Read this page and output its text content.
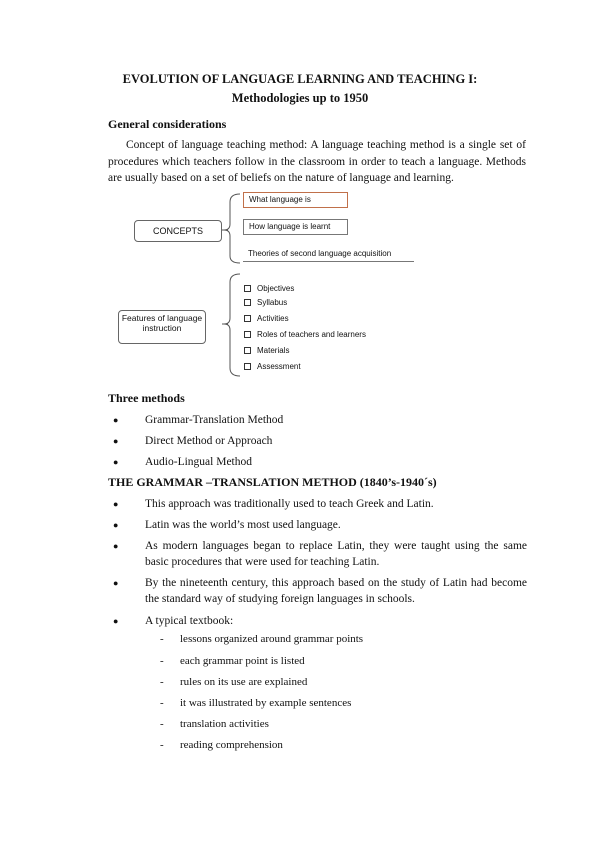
EVOLUTION OF LANGUAGE LEARNING AND TEACHING I:
Methodologies up to 1950
General considerations
Concept of language teaching method: A language teaching method is a single set of procedures which teachers follow in the classroom in order to teach a language. Methods are usually based on a set of beliefs on the nature of language and learning.
CONCEPTS
What language is
How language is learnt
Theories of second language acquisition
Features of language instruction
Objectives
Syllabus
Activities
Roles of teachers and learners
Materials
Assessment
Three methods
●	Grammar-Translation Method
●	Direct Method or Approach
●	Audio-Lingual Method
THE GRAMMAR –TRANSLATION METHOD (1840’s-1940´s)
●	This approach was traditionally used to teach Greek and Latin.
●	Latin was the world’s most used language.
●	As modern languages began to replace Latin, they were taught using the same basic procedures that were used for teaching Latin.
●	By the nineteenth century, this approach based on the study of Latin had become the standard way of studying foreign languages in schools.
●	A typical textbook:
- lessons organized around grammar points
- each grammar point is listed
- rules on its use are explained
- it was illustrated by example sentences
- translation activities
- reading comprehension
